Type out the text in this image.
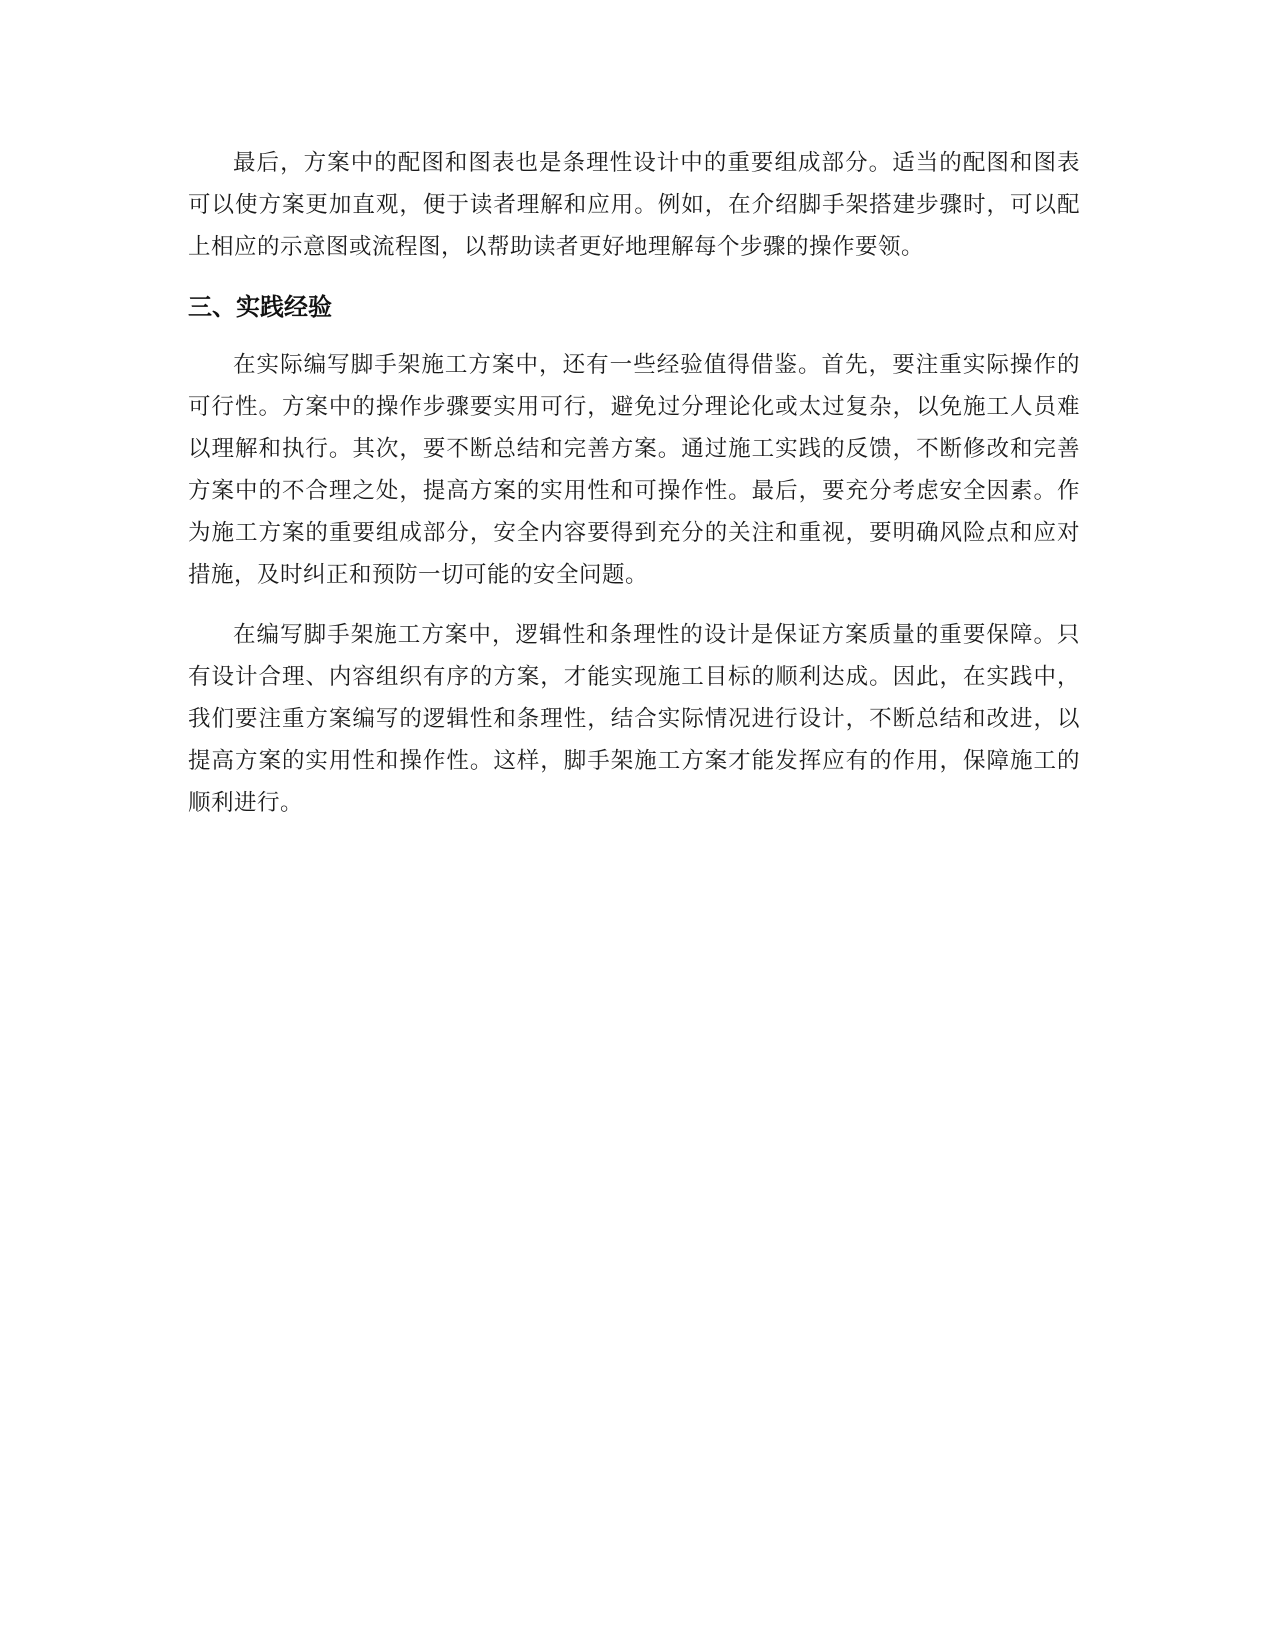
最后，方案中的配图和图表也是条理性设计中的重要组成部分。适当的配图和图表可以使方案更加直观，便于读者理解和应用。例如，在介绍脚手架搭建步骤时，可以配上相应的示意图或流程图，以帮助读者更好地理解每个步骤的操作要领。

三、实践经验

在实际编写脚手架施工方案中，还有一些经验值得借鉴。首先，要注重实际操作的可行性。方案中的操作步骤要实用可行，避免过分理论化或太过复杂，以免施工人员难以理解和执行。其次，要不断总结和完善方案。通过施工实践的反馈，不断修改和完善方案中的不合理之处，提高方案的实用性和可操作性。最后，要充分考虑安全因素。作为施工方案的重要组成部分，安全内容要得到充分的关注和重视，要明确风险点和应对措施，及时纠正和预防一切可能的安全问题。

在编写脚手架施工方案中，逻辑性和条理性的设计是保证方案质量的重要保障。只有设计合理、内容组织有序的方案，才能实现施工目标的顺利达成。因此，在实践中，我们要注重方案编写的逻辑性和条理性，结合实际情况进行设计，不断总结和改进，以提高方案的实用性和操作性。这样，脚手架施工方案才能发挥应有的作用，保障施工的顺利进行。
